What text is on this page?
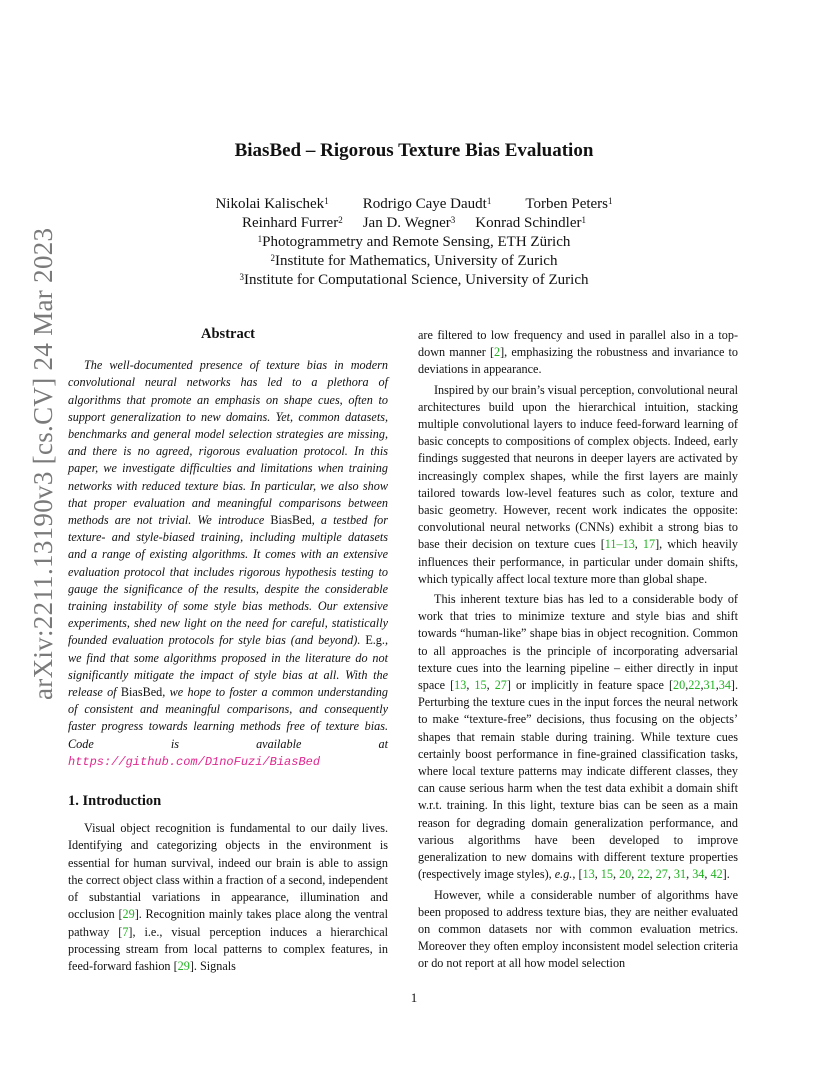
BiasBed – Rigorous Texture Bias Evaluation
Nikolai Kalischek$^1$ Rodrigo Caye Daudt$^1$ Torben Peters$^1$
Reinhard Furrer$^2$ Jan D. Wegner$^3$ Konrad Schindler$^1$
$^1$Photogrammetry and Remote Sensing, ETH Zürich
$^2$Institute for Mathematics, University of Zurich
$^3$Institute for Computational Science, University of Zurich
arXiv:2211.13190v3 [cs.CV] 24 Mar 2023	Abstract

The well-documented presence of texture bias in modern convolutional neural networks has led to a plethora of algorithms that promote an emphasis on shape cues, often to support generalization to new domains. Yet, common datasets, benchmarks and general model selection strategies are missing, and there is no agreed, rigorous evaluation protocol. In this paper, we investigate difficulties and limitations when training networks with reduced texture bias. In particular, we also show that proper evaluation and meaningful comparisons between methods are not trivial. We introduce BiasBed, a testbed for texture- and style-biased training, including multiple datasets and a range of existing algorithms. It comes with an extensive evaluation protocol that includes rigorous hypothesis testing to gauge the significance of the results, despite the considerable training instability of some style bias methods. Our extensive experiments, shed new light on the need for careful, statistically founded evaluation protocols for style bias (and beyond). E.g., we find that some algorithms proposed in the literature do not significantly mitigate the impact of style bias at all. With the release of BiasBed, we hope to foster a common understanding of consistent and meaningful comparisons, and consequently faster progress towards learning methods free of texture bias. Code is available at https://github.com/D1noFuzi/BiasBed

1. Introduction

Visual object recognition is fundamental to our daily lives. Identifying and categorizing objects in the environment is essential for human survival, indeed our brain is able to assign the correct object class within a fraction of a second, independent of substantial variations in appearance, illumination and occlusion [29]. Recognition mainly takes place along the ventral pathway [7], i.e., visual perception induces a hierarchical processing stream from local patterns to complex features, in feed-forward fashion [29]. Signals

are filtered to low frequency and used in parallel also in a top-down manner [2], emphasizing the robustness and invariance to deviations in appearance.

Inspired by our brain’s visual perception, convolutional neural architectures build upon the hierarchical intuition, stacking multiple convolutional layers to induce feed-forward learning of basic concepts to compositions of complex objects. Indeed, early findings suggested that neurons in deeper layers are activated by increasingly complex shapes, while the first layers are mainly tailored towards low-level features such as color, texture and basic geometry. However, recent work indicates the opposite: convolutional neural networks (CNNs) exhibit a strong bias to base their decision on texture cues [11–13, 17], which heavily influences their performance, in particular under domain shifts, which typically affect local texture more than global shape.

This inherent texture bias has led to a considerable body of work that tries to minimize texture and style bias and shift towards “human-like” shape bias in object recognition. Common to all approaches is the principle of incorporating adversarial texture cues into the learning pipeline – either directly in input space [13, 15, 27] or implicitly in feature space [20,22,31,34]. Perturbing the texture cues in the input forces the neural network to make “texture-free” decisions, thus focusing on the objects’ shapes that remain stable during training. While texture cues certainly boost performance in fine-grained classification tasks, where local texture patterns may indicate different classes, they can cause serious harm when the test data exhibit a domain shift w.r.t. training. In this light, texture bias can be seen as a main reason for degrading domain generalization performance, and various algorithms have been developed to improve generalization to new domains with different texture properties (respectively image styles), e.g., [13, 15, 20, 22, 27, 31, 34, 42].

However, while a considerable number of algorithms have been proposed to address texture bias, they are neither evaluated on common datasets nor with common evaluation metrics. Moreover they often employ inconsistent model selection criteria or do not report at all how model selection

1
